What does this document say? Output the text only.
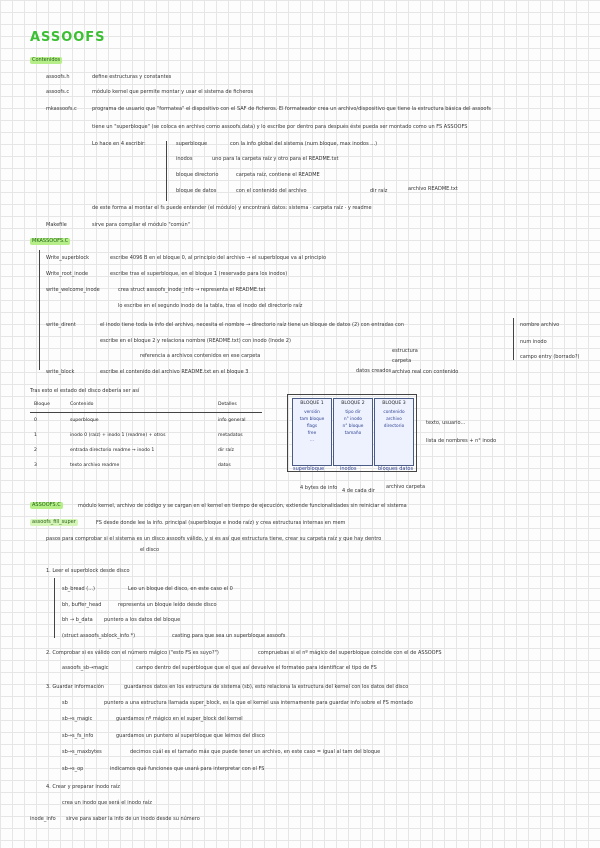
ASSOOFS
Contenidos
assoofs.h	define estructuras y constantes
assoofs.c	módulo kernel que permite montar y usar el sistema de ficheros
mkassoofs.c	programa de usuario que "formatea" el dispositivo con el SAF de ficheros. El formateador crea un archivo/dispositivo que tiene la estructura básica del assoofs
tiene un "superbloque" (se coloca en archivo como assoofs.data) y lo escribe por dentro para después éste pueda ser montado como un FS ASSOOFS
Lo hace en 4 escribir:	superbloque	con la info global del sistema (num bloque, max inodos ...)
inodos	uno para la carpeta raíz y otro para el README.txt
bloque directorio	carpeta raíz, contiene el README
bloque de datos	con el contenido del archivo	dir raíz	archivo README.txt
de este forma al montar el fs puede entender (el módulo) y encontrará datos: sistema · carpeta raíz · y readme
Makefile	sirve para compilar el módulo "común"
MKASSOOFS.C
Write_superblock	escribe 4096 B en el bloque 0, al principio del archivo → el superbloque va al principio
Write_root_inode	escribe tras el superbloque, en el bloque 1 (reservado para los inodos)
write_welcome_inode	crea struct assoofs_inode_info → representa el README.txt
lo escribe en el segundo inodo de la tabla, tras el inodo del directorio raíz
write_dirent	el inodo tiene toda la info del archivo, necesita el nombre → directorio raíz tiene un bloque de datos (2) con entradas con
escribe en el bloque 2 y relaciona nombre (README.txt) con inodo (Inode 2)
referencia a archivos contenidos en ese carpeta
nombre archivo
num inodo
campo entry (borrado?)
write_block	escribe el contenido del archivo README.txt en el bloque 3	datos creados
estructura
carpeta
archivo real con contenido
Tras esto el estado del disco debería ser así
Bloque	Contenido	Detalles
0	superbloque	info general
1	inodo 0 (raíz) + inodo 1 (readme) + otros	metadatos
2	entrada directorio readme → inodo 1	dir raíz
3	texto archivo readme	datos
BLOQUE 1
versión
tam bloque
flags
free
...
BLOQUE 2
tipo dir
n° inodo
n° bloque
tamaño
BLOQUE 3
contenido
archivo
directorio
superbloque	inodos	bloques datos
texto, usuario...
lista de nombres + n° inodo
4 bytes de info 4 de cada dir
archivo carpeta
ASSOOFS.C	módulo kernel, archivo de código y se cargan en el kernel en tiempo de ejecución, extiende funcionalidades sin reiniciar el sistema
assoofs_fill_super	FS desde donde lee la info. principal (superbloque e inode raíz) y crea estructuras internas en mem
pasos para comprobar si el sistema es un disco assoofs válido, y si es así que estructura tiene, crear su carpeta raíz y que hay dentro
el disco
1. Leer el superblock desde disco
sb_bread (...)	Leo un bloque del disco, en este caso el 0
bh, buffer_head	representa un bloque leído desde disco
bh → b_data puntero a los datos del bloque
(struct assoofs_sblock_info *)	casting para que sea un superbloque assoofs
2. Comprobar si es válido con el número mágico ("esto FS es suyo?")	compruebas si el nº mágico del superbloque coincide con el de ASSOOFS
assoofs_sb→magic	campo dentro del superbloque que el que así devuelve el formateo para identificar el tipo de FS
3. Guardar información	guardamos datos en los estructura de sistema (sb), esto relaciona la estructura del kernel con los datos del disco
sb	puntero a una estructura llamada super_block, es la que el kernel usa internamente para guardar info sobre el FS montado
sb→s_magic	guardamos nº mágico en el super_block del kernel
sb→s_fs_info	guardamos un puntero al superbloque que leimos del disco
sb→s_maxbytes	decimos cuál es el tamaño máx que puede tener un archivo, en este caso = igual al tam del bloque
sb→s_op	indicamos qué funciones que usará para interpretar con el FS
4. Crear y preparar inodo raíz
crea un inodo que será el inodo raíz
inode_info sirve para saber la info de un inodo desde su número
